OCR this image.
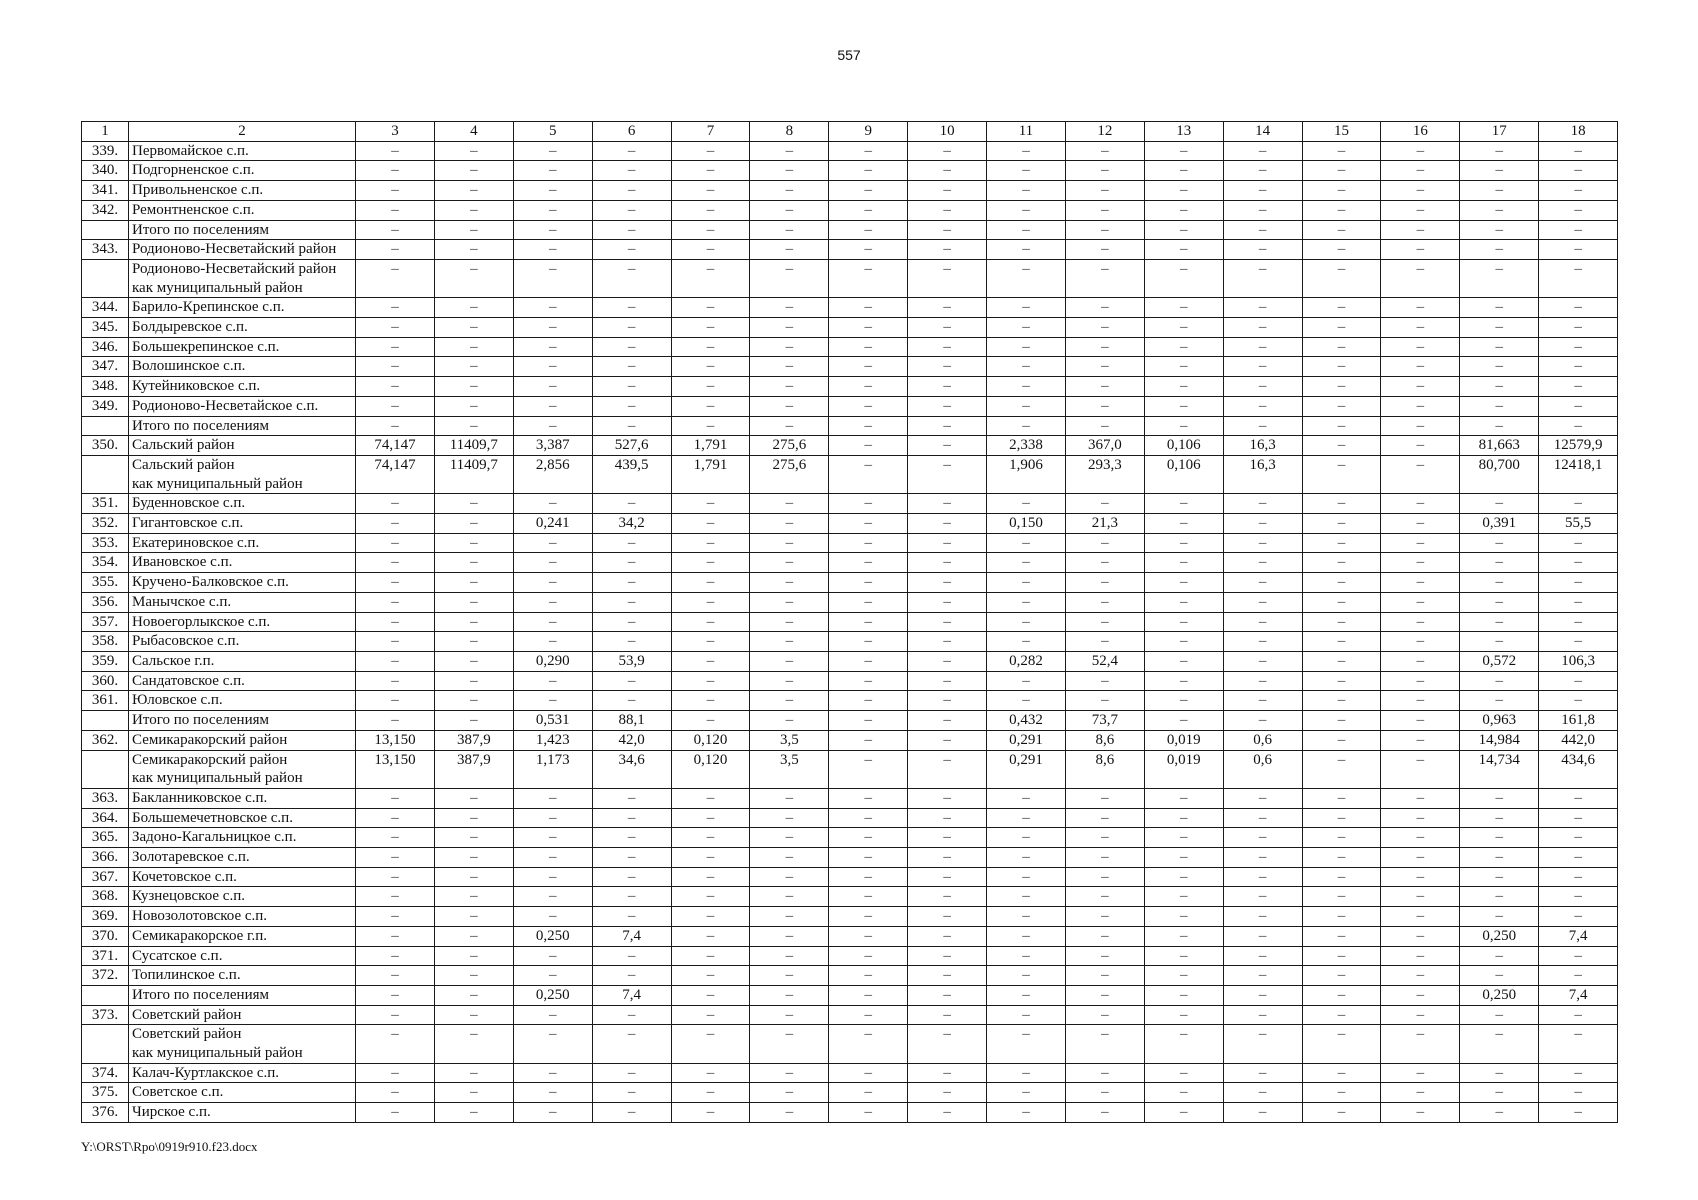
557
1	2	3	4	5	6	7	8	9	10	11	12	13	14	15	16	17	18
339.	Первомайское с.п.	–	–	–	–	–	–	–	–	–	–	–	–	–	–	–	–
340.	Подгорненское с.п.	–	–	–	–	–	–	–	–	–	–	–	–	–	–	–	–
341.	Привольненское с.п.	–	–	–	–	–	–	–	–	–	–	–	–	–	–	–	–
342.	Ремонтненское с.п.	–	–	–	–	–	–	–	–	–	–	–	–	–	–	–	–
	Итого по поселениям	–	–	–	–	–	–	–	–	–	–	–	–	–	–	–	–
343.	Родионово-Несветайский район	–	–	–	–	–	–	–	–	–	–	–	–	–	–	–	–
	Родионово-Несветайский район
как муниципальный район	–	–	–	–	–	–	–	–	–	–	–	–	–	–	–	–
344.	Барило-Крепинское с.п.	–	–	–	–	–	–	–	–	–	–	–	–	–	–	–	–
345.	Болдыревское с.п.	–	–	–	–	–	–	–	–	–	–	–	–	–	–	–	–
346.	Большекрепинское с.п.	–	–	–	–	–	–	–	–	–	–	–	–	–	–	–	–
347.	Волошинское с.п.	–	–	–	–	–	–	–	–	–	–	–	–	–	–	–	–
348.	Кутейниковское с.п.	–	–	–	–	–	–	–	–	–	–	–	–	–	–	–	–
349.	Родионово-Несветайское с.п.	–	–	–	–	–	–	–	–	–	–	–	–	–	–	–	–
	Итого по поселениям	–	–	–	–	–	–	–	–	–	–	–	–	–	–	–	–
350.	Сальский район	74,147	11409,7	3,387	527,6	1,791	275,6	–	–	2,338	367,0	0,106	16,3	–	–	81,663	12579,9
	Сальский район
как муниципальный район	74,147	11409,7	2,856	439,5	1,791	275,6	–	–	1,906	293,3	0,106	16,3	–	–	80,700	12418,1
351.	Буденновское с.п.	–	–	–	–	–	–	–	–	–	–	–	–	–	–	–	–
352.	Гигантовское с.п.	–	–	0,241	34,2	–	–	–	–	0,150	21,3	–	–	–	–	0,391	55,5
353.	Екатериновское с.п.	–	–	–	–	–	–	–	–	–	–	–	–	–	–	–	–
354.	Ивановское с.п.	–	–	–	–	–	–	–	–	–	–	–	–	–	–	–	–
355.	Кручено-Балковское с.п.	–	–	–	–	–	–	–	–	–	–	–	–	–	–	–	–
356.	Манычское с.п.	–	–	–	–	–	–	–	–	–	–	–	–	–	–	–	–
357.	Новоегорлыкское с.п.	–	–	–	–	–	–	–	–	–	–	–	–	–	–	–	–
358.	Рыбасовское с.п.	–	–	–	–	–	–	–	–	–	–	–	–	–	–	–	–
359.	Сальское г.п.	–	–	0,290	53,9	–	–	–	–	0,282	52,4	–	–	–	–	0,572	106,3
360.	Сандатовское с.п.	–	–	–	–	–	–	–	–	–	–	–	–	–	–	–	–
361.	Юловское с.п.	–	–	–	–	–	–	–	–	–	–	–	–	–	–	–	–
	Итого по поселениям	–	–	0,531	88,1	–	–	–	–	0,432	73,7	–	–	–	–	0,963	161,8
362.	Семикаракорский район	13,150	387,9	1,423	42,0	0,120	3,5	–	–	0,291	8,6	0,019	0,6	–	–	14,984	442,0
	Семикаракорский район
как муниципальный район	13,150	387,9	1,173	34,6	0,120	3,5	–	–	0,291	8,6	0,019	0,6	–	–	14,734	434,6
363.	Бакланниковское с.п.	–	–	–	–	–	–	–	–	–	–	–	–	–	–	–	–
364.	Большемечетновское с.п.	–	–	–	–	–	–	–	–	–	–	–	–	–	–	–	–
365.	Задоно-Кагальницкое с.п.	–	–	–	–	–	–	–	–	–	–	–	–	–	–	–	–
366.	Золотаревское с.п.	–	–	–	–	–	–	–	–	–	–	–	–	–	–	–	–
367.	Кочетовское с.п.	–	–	–	–	–	–	–	–	–	–	–	–	–	–	–	–
368.	Кузнецовское с.п.	–	–	–	–	–	–	–	–	–	–	–	–	–	–	–	–
369.	Новозолотовское с.п.	–	–	–	–	–	–	–	–	–	–	–	–	–	–	–	–
370.	Семикаракорское г.п.	–	–	0,250	7,4	–	–	–	–	–	–	–	–	–	–	0,250	7,4
371.	Сусатское с.п.	–	–	–	–	–	–	–	–	–	–	–	–	–	–	–	–
372.	Топилинское с.п.	–	–	–	–	–	–	–	–	–	–	–	–	–	–	–	–
	Итого по поселениям	–	–	0,250	7,4	–	–	–	–	–	–	–	–	–	–	0,250	7,4
373.	Советский район	–	–	–	–	–	–	–	–	–	–	–	–	–	–	–	–
	Советский район
как муниципальный район	–	–	–	–	–	–	–	–	–	–	–	–	–	–	–	–
374.	Калач-Куртлакское с.п.	–	–	–	–	–	–	–	–	–	–	–	–	–	–	–	–
375.	Советское с.п.	–	–	–	–	–	–	–	–	–	–	–	–	–	–	–	–
376.	Чирское с.п.	–	–	–	–	–	–	–	–	–	–	–	–	–	–	–	–
Y:\ORST\Rpo\0919r910.f23.docx
